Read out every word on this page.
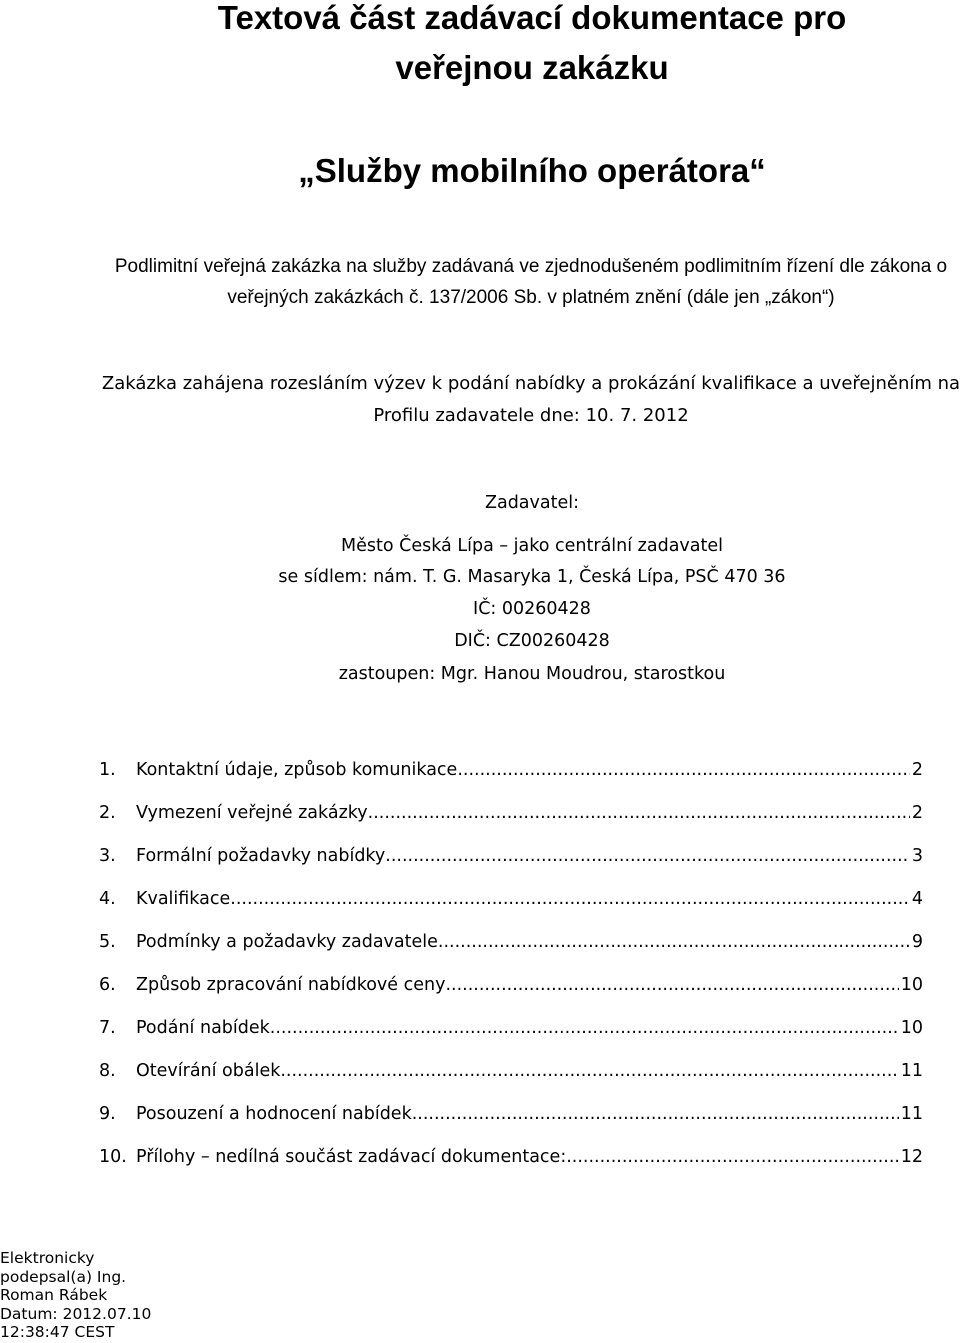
Textová část zadávací dokumentace pro
veřejnou zakázku
„Služby mobilního operátora“

Podlimitní veřejná zakázka na služby zadávaná ve zjednodušeném podlimitním řízení dle zákona o

veřejných zakázkách č. 137/2006 Sb. v platném znění (dále jen „zákon“)

Zakázka zahájena rozesláním výzev k podání nabídky a prokázání kvalifikace a uveřejněním na

Profilu zadavatele dne: 10. 7. 2012

Zadavatel:
Město Česká Lípa – jako centrální zadavatel
se sídlem: nám. T. G. Masaryka 1, Česká Lípa, PSČ 470 36
IČ: 00260428
DIČ: CZ00260428
zastoupen: Mgr. Hanou Moudrou, starostkou
1.	Kontaktní údaje, způsob komunikace .....	2
2.	Vymezení veřejné zakázky .....	2
3.	Formální požadavky nabídky .....	3
4.	Kvalifikace .....	4
5.	Podmínky a požadavky zadavatele .....	9
6.	Způsob zpracování nabídkové ceny .....	10
7.	Podání nabídek .....	10
8.	Otevírání obálek .....	11
9.	Posouzení a hodnocení nabídek .....	11
10. Přílohy – nedílná součást zadávací dokumentace: .....	12
Elektronicky
podepsal(a) Ing.
Roman Rábek
Datum: 2012.07.10
12:38:47 CEST
